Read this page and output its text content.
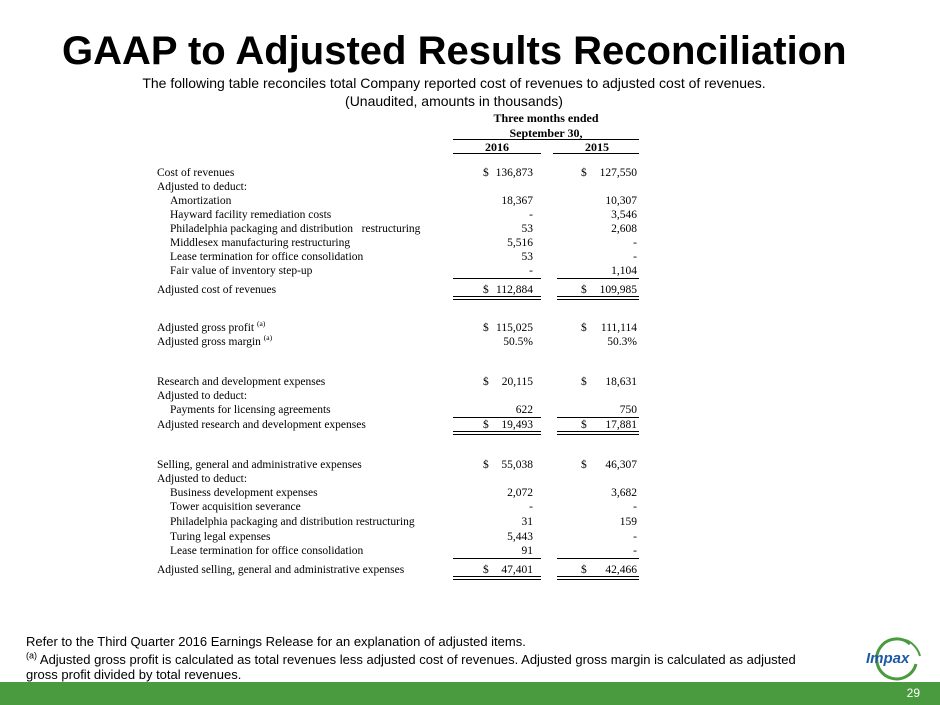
GAAP to Adjusted Results Reconciliation
The following table reconciles total Company reported cost of revenues to adjusted cost of revenues.
(Unaudited, amounts in thousands)
Three months ended
September 30,
2016	2015
Cost of revenues	$ 136,873	$ 127,550
Adjusted to deduct:
Amortization	18,367	10,307
Hayward facility remediation costs	-	3,546
Philadelphia packaging and distribution   restructuring	53	2,608
Middlesex manufacturing restructuring	5,516	-
Lease termination for office consolidation	53	-
Fair value of inventory step-up	-	1,104
Adjusted cost of revenues	$ 112,884	$ 109,985
Adjusted gross profit $^{(a)}$	$ 115,025	$ 111,114
Adjusted gross margin $^{(a)}$	50.5%	50.3%
Research and development expenses	$ 20,115	$ 18,631
Adjusted to deduct:
Payments for licensing agreements	622	750
Adjusted research and development expenses	$ 19,493	$ 17,881
Selling, general and administrative expenses	$ 55,038	$ 46,307
Adjusted to deduct:
Business development expenses	2,072	3,682
Tower acquisition severance	-	-
Philadelphia packaging and distribution restructuring	31	159
Turing legal expenses	5,443	-
Lease termination for office consolidation	91	-
Adjusted selling, general and administrative expenses	$ 47,401	$ 42,466
Refer to the Third Quarter 2016 Earnings Release for an explanation of adjusted items.
$^{(a)}$ Adjusted gross profit is calculated as total revenues less adjusted cost of revenues. Adjusted gross margin is calculated as adjusted
gross profit divided by total revenues.
Impax
29
